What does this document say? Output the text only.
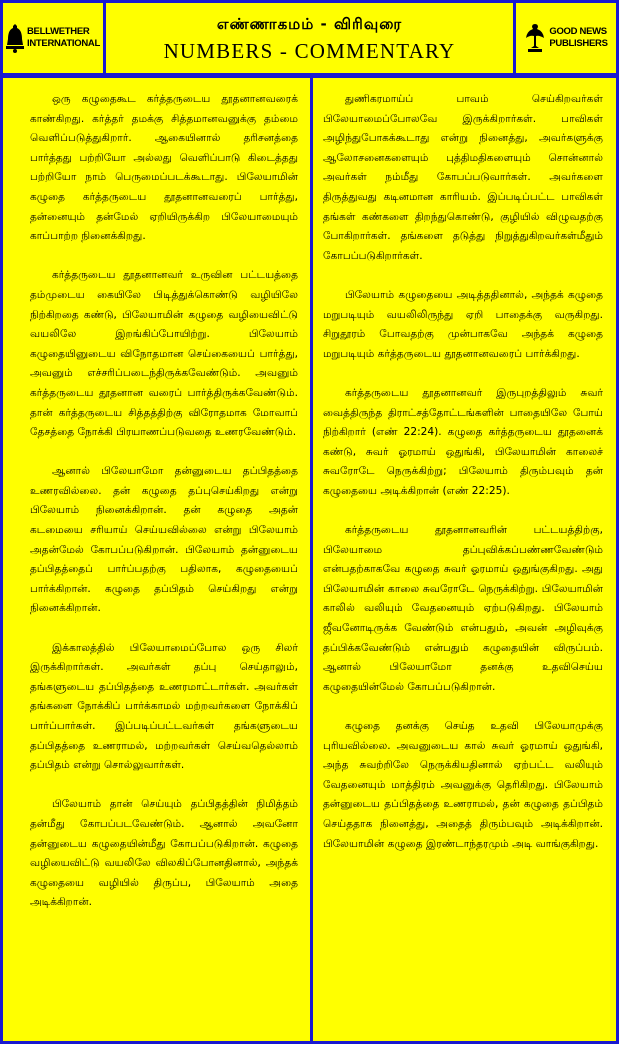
BELLWETHER
INTERNATIONAL
எண்ணாகமம் - விரிவுரை
NUMBERS - COMMENTARY
GOOD NEWS
PUBLISHERS

ஒரு கழுதைகூட கர்த்தருடைய தூதனானவரைக் காண்கிறது. கர்த்தர் தமக்கு சித்தமானவனுக்கு தம்மை வெளிப்படுத்துகிறார். ஆகையினால் தரிசனத்தை பார்த்தது பற்றியோ அல்லது வெளிப்பாடு கிடைத்தது பற்றியோ நாம் பெருமைப்படக்கூடாது. பிலேயாமின் கழுதை கர்த்தருடைய தூதனானவரைப் பார்த்து, தன்னையும் தன்மேல் ஏறியிருக்கிற பிலேயாமையும் காப்பாற்ற நினைக்கிறது.

கர்த்தருடைய தூதனானவர் உருவின பட்டயத்தை தம்முடைய கையிலே பிடித்துக்கொண்டு வழியிலே நிற்கிறதை கண்டு, பிலேயாமின் கழுதை வழியைவிட்டு வயலிலே இறங்கிப்போயிற்று. பிலேயாம் கழுதையினுடைய விநோதமான செய்கையைப் பார்த்து, அவனும் எச்சரிப்படைந்திருக்கவேண்டும். அவனும் கர்த்தருடைய தூதனான வரைப் பார்த்திருக்கவேண்டும். தான் கர்த்தருடைய சித்தத்திற்கு விரோதமாக மோவாப் தேசத்தை நோக்கி பிரயாணப்படுவதை உணரவேண்டும்.

ஆனால் பிலேயாமோ தன்னுடைய தப்பிதத்தை உணரவில்லை. தன் கழுதை தப்புசெய்கிறது என்று பிலேயாம் நினைக்கிறான். தன் கழுதை அதன் கடமையை சரியாய் செய்யவில்லை என்று பிலேயாம் அதன்மேல் கோபப்படுகிறான். பிலேயாம் தன்னுடைய தப்பிதத்தைப் பார்ப்பதற்கு பதிலாக, கழுதையைப் பார்க்கிறான். கழுதை தப்பிதம் செய்கிறது என்று நினைக்கிறான்.

இக்காலத்தில் பிலேயாமைப்போல ஒரு சிலர் இருக்கிறார்கள். அவர்கள் தப்பு செய்தாலும், தங்களுடைய தப்பிதத்தை உணரமாட்டார்கள். அவர்கள் தங்களை நோக்கிப் பார்க்காமல் மற்றவர்களை நோக்கிப் பார்ப்பார்கள். இப்படிப்பட்டவர்கள் தங்களுடைய தப்பிதத்தை உணராமல், மற்றவர்கள் செய்வதெல்லாம் தப்பிதம் என்று சொல்லுவார்கள்.

பிலேயாம் தான் செய்யும் தப்பிதத்தின் நிமித்தம் தன்மீது கோபப்படவேண்டும். ஆனால் அவனோ தன்னுடைய கழுதையின்மீது கோபப்படுகிறான். கழுதை வழியைவிட்டு வயலிலே விலகிப்போனதினால், அந்தக் கழுதையை வழியில் திருப்ப, பிலேயாம் அதை அடிக்கிறான்.

துணிகரமாய்ப் பாவம் செய்கிறவர்கள் பிலேயாமைப்போலவே இருக்கிறார்கள். பாவிகள் அழிந்துபோகக்கூடாது என்று நினைத்து, அவர்களுக்கு ஆலோசனைகளையும் புத்திமதிகளையும் சொன்னால் அவர்கள் நம்மீது கோபப்படுவார்கள். அவர்களை திருத்துவது கடினமான காரியம். இப்படிப்பட்ட பாவிகள் தங்கள் கண்களை திறந்துகொண்டு, குழியில் விழுவதற்கு போகிறார்கள். தங்களை தடுத்து நிறுத்துகிறவர்கள்மீதும் கோபப்படுகிறார்கள்.

பிலேயாம் கழுதையை அடித்ததினால், அந்தக் கழுதை மறுபடியும் வயலிலிருந்து ஏறி பாதைக்கு வருகிறது. சிறுதூரம் போவதற்கு முன்பாகவே அந்தக் கழுதை மறுபடியும் கர்த்தருடைய தூதனானவரைப் பார்க்கிறது.

கர்த்தருடைய தூதனானவர் இருபுறத்திலும் சுவர் வைத்திருந்த திராட்சத்தோட்டங்களின் பாதையிலே போய் நிற்கிறார் (எண் 22:24). கழுதை கர்த்தருடைய தூதனைக் கண்டு, சுவர் ஓரமாய் ஒதுங்கி, பிலேயாமின் காலைச் சுவரோடே நெருக்கிற்று; பிலேயாம் திரும்பவும் தன் கழுதையை அடிக்கிறான் (எண் 22:25).

கர்த்தருடைய தூதனானவரின் பட்டயத்திற்கு, பிலேயாமை தப்புவிக்கப்பண்ணவேண்டும் என்பதற்காகவே கழுதை சுவர் ஓரமாய் ஒதுங்குகிறது. அது பிலேயாமின் காலை சுவரோடே நெருக்கிற்று. பிலேயாமின் காலில் வலியும் வேதனையும் ஏற்படுகிறது. பிலேயாம் ஜீவனோடிருக்க வேண்டும் என்பதும், அவன் அழிவுக்கு தப்பிக்கவேண்டும் என்பதும் கழுதையின் விருப்பம். ஆனால் பிலேயாமோ தனக்கு உதவிசெய்ய கழுதையின்மேல் கோபப்படுகிறான்.

கழுதை தனக்கு செய்த உதவி பிலேயாமுக்கு புரியவில்லை. அவனுடைய கால் சுவர் ஓரமாய் ஒதுங்கி, அந்த சுவற்றிலே நெருக்கியதினால் ஏற்பட்ட வலியும் வேதனையும் மாத்திரம் அவனுக்கு தெரிகிறது. பிலேயாம் தன்னுடைய தப்பிதத்தை உணராமல், தன் கழுதை தப்பிதம் செய்ததாக நினைத்து, அதைத் திரும்பவும் அடிக்கிறான். பிலேயாமின் கழுதை இரண்டாந்தரமும் அடி வாங்குகிறது.
